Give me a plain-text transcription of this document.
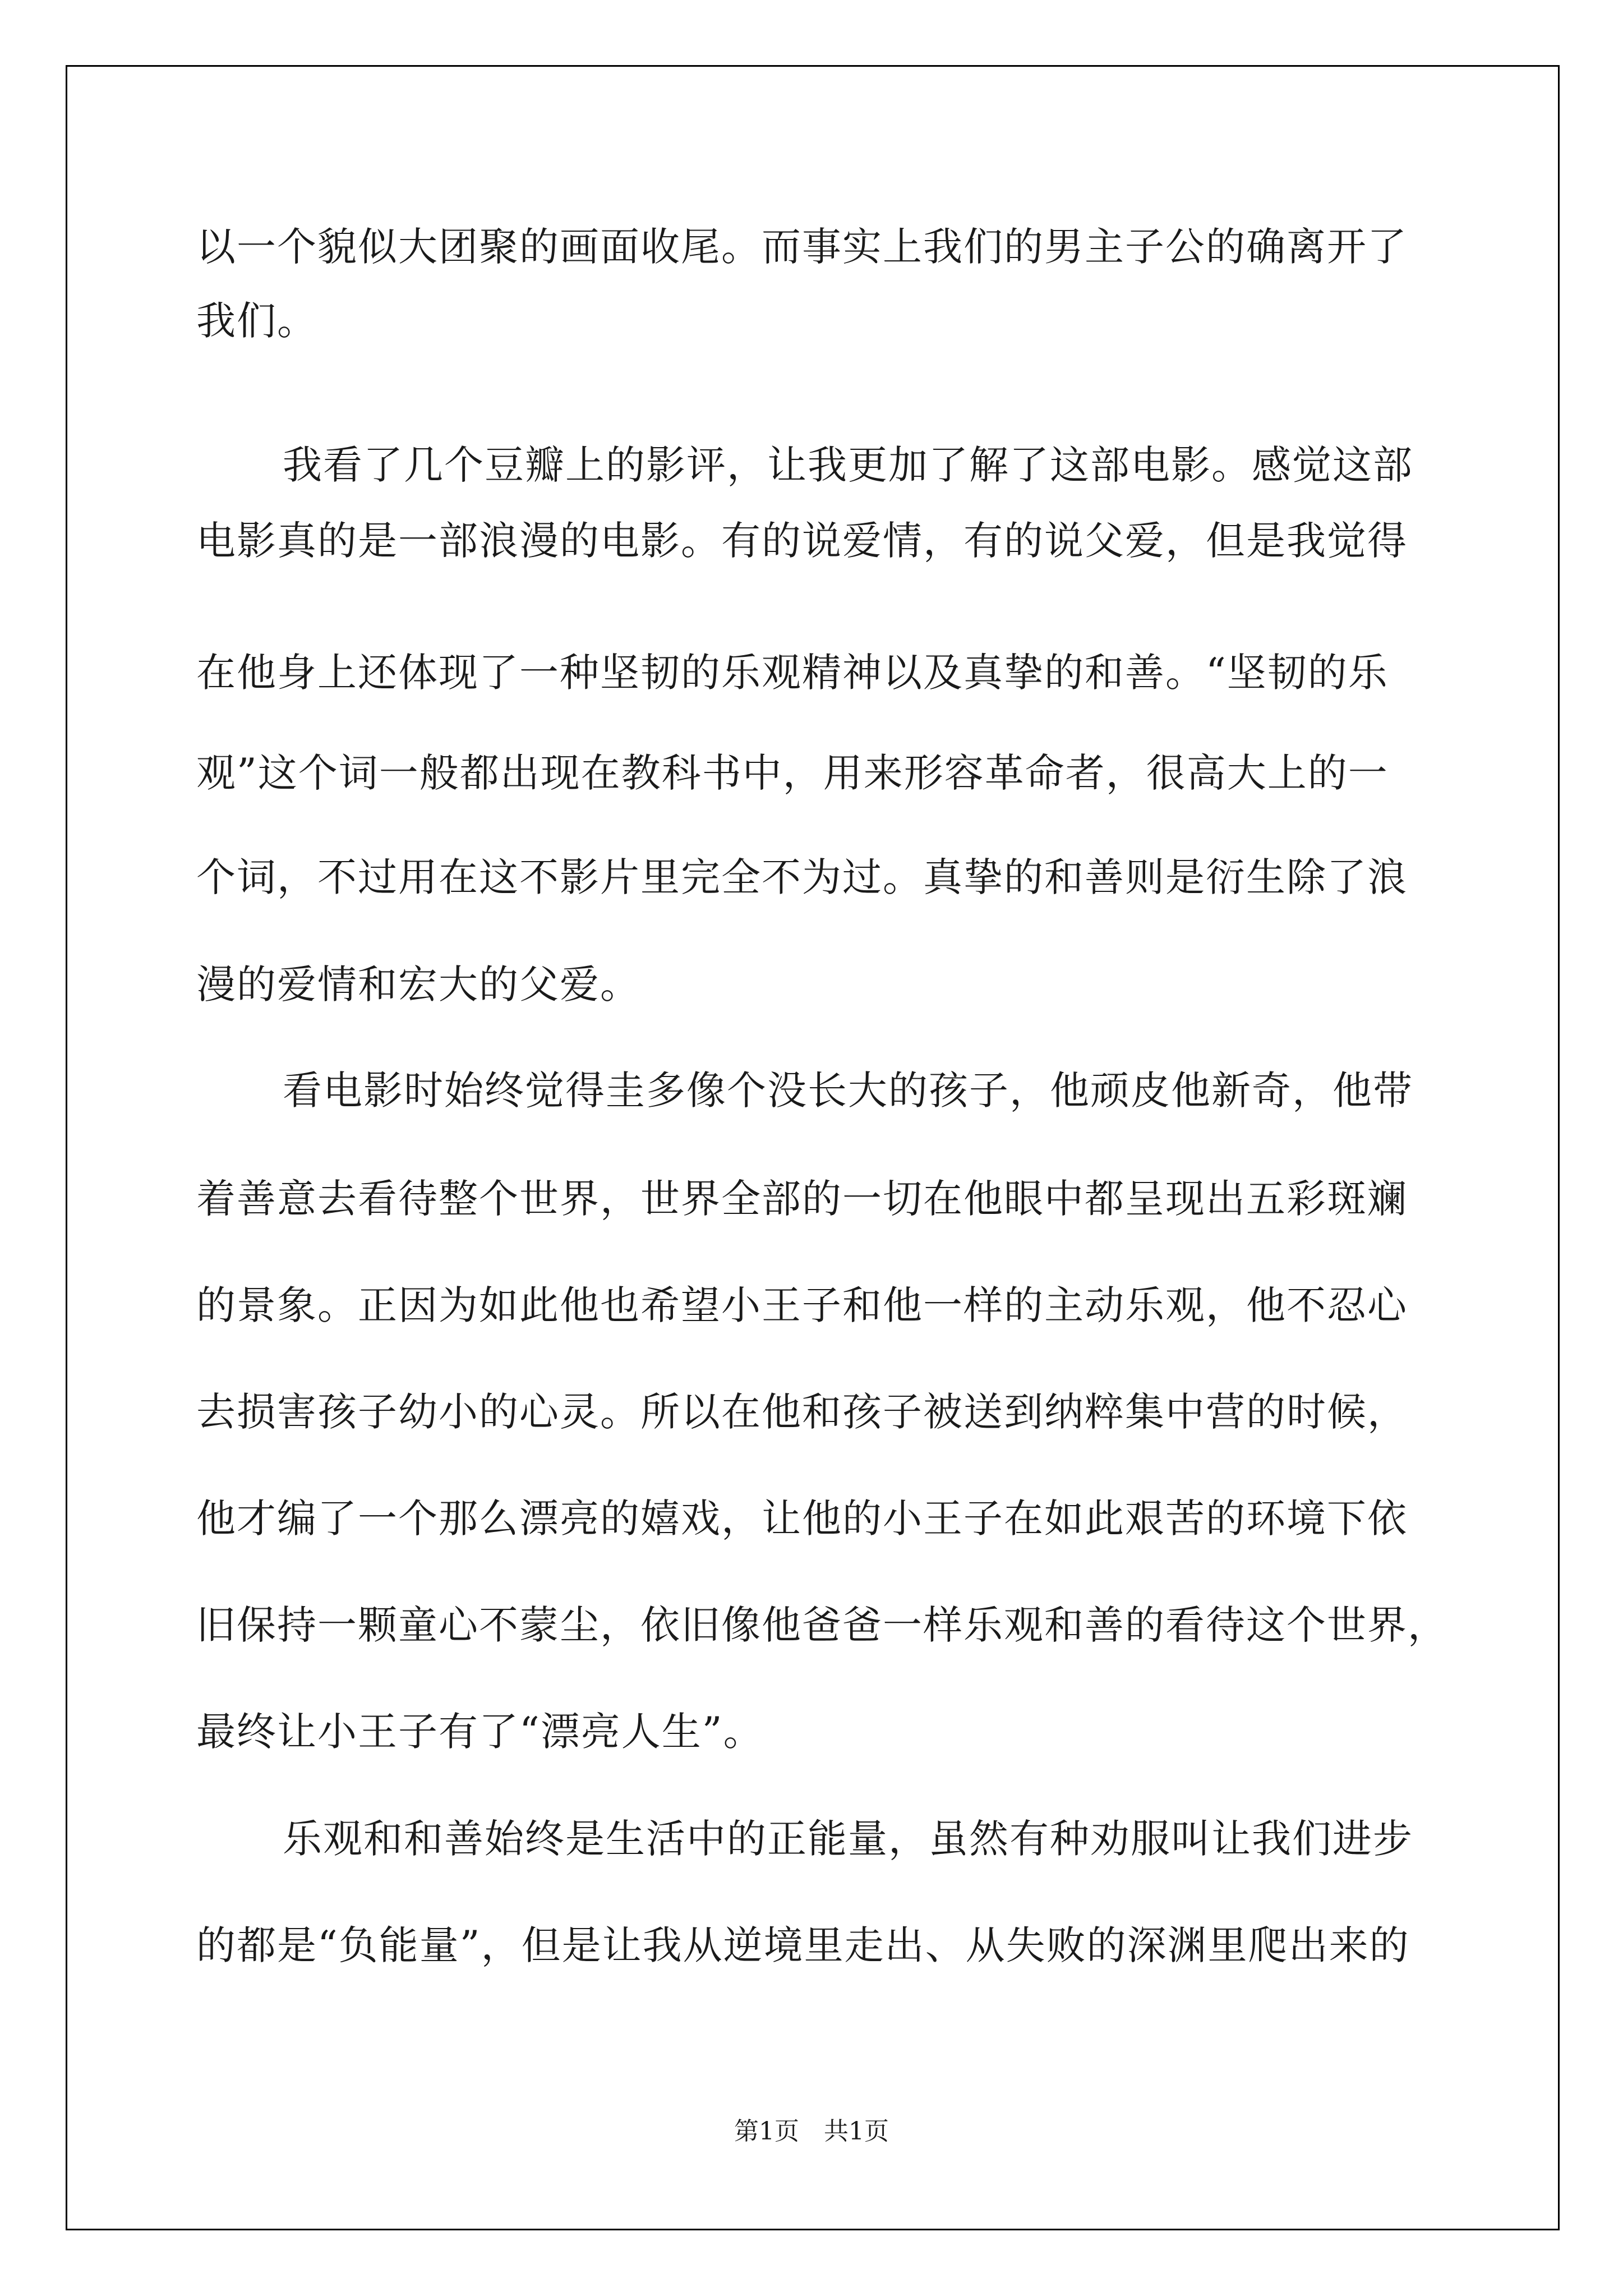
以一个貌似大团聚的画面收尾。而事实上我们的男主子公的确离开了
我们。
我看了几个豆瓣上的影评，让我更加了解了这部电影。感觉这部
电影真的是一部浪漫的电影。有的说爱情，有的说父爱，但是我觉得
在他身上还体现了一种坚韧的乐观精神以及真挚的和善。“坚韧的乐
观”这个词一般都出现在教科书中，用来形容革命者，很高大上的一
个词，不过用在这不影片里完全不为过。真挚的和善则是衍生除了浪
漫的爱情和宏大的父爱。
看电影时始终觉得圭多像个没长大的孩子，他顽皮他新奇，他带
着善意去看待整个世界，世界全部的一切在他眼中都呈现出五彩斑斓
的景象。正因为如此他也希望小王子和他一样的主动乐观，他不忍心
去损害孩子幼小的心灵。所以在他和孩子被送到纳粹集中营的时候，
他才编了一个那么漂亮的嬉戏，让他的小王子在如此艰苦的环境下依
旧保持一颗童心不蒙尘，依旧像他爸爸一样乐观和善的看待这个世界，
最终让小王子有了“漂亮人生”。
乐观和和善始终是生活中的正能量，虽然有种劝服叫让我们进步
的都是“负能量”，但是让我从逆境里走出、从失败的深渊里爬出来的
第1页　共1页
